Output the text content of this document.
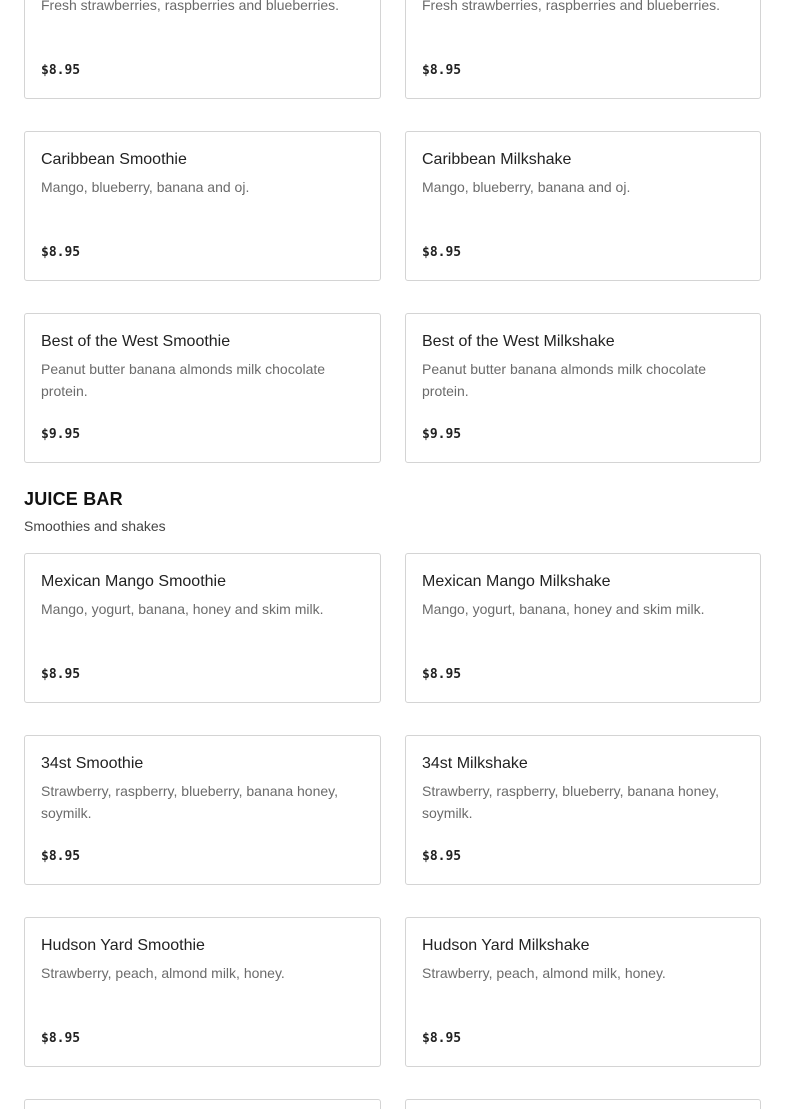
Fresh strawberries, raspberries and blueberries.
$8.95
Fresh strawberries, raspberries and blueberries.
$8.95
Caribbean Smoothie
Mango, blueberry, banana and oj.
$8.95
Caribbean Milkshake
Mango, blueberry, banana and oj.
$8.95
Best of the West Smoothie
Peanut butter banana almonds milk chocolate protein.
$9.95
Best of the West Milkshake
Peanut butter banana almonds milk chocolate protein.
$9.95
JUICE BAR

Smoothies and shakes

Mexican Mango Smoothie
Mango, yogurt, banana, honey and skim milk.
$8.95
Mexican Mango Milkshake
Mango, yogurt, banana, honey and skim milk.
$8.95
34st Smoothie
Strawberry, raspberry, blueberry, banana honey, soymilk.
$8.95
34st Milkshake
Strawberry, raspberry, blueberry, banana honey, soymilk.
$8.95
Hudson Yard Smoothie
Strawberry, peach, almond milk, honey.
$8.95
Hudson Yard Milkshake
Strawberry, peach, almond milk, honey.
$8.95
